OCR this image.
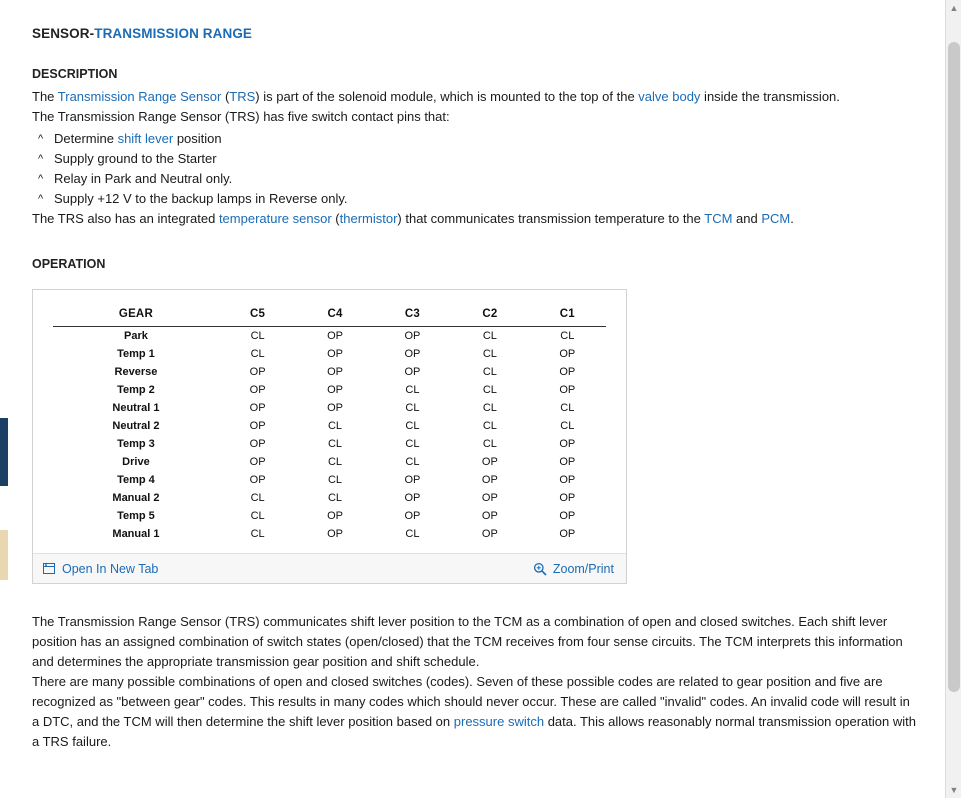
SENSOR-TRANSMISSION RANGE
DESCRIPTION

The Transmission Range Sensor (TRS) is part of the solenoid module, which is mounted to the top of the valve body inside the transmission.

The Transmission Range Sensor (TRS) has five switch contact pins that:

^ Determine shift lever position
^ Supply ground to the Starter
^ Relay in Park and Neutral only.
^ Supply +12 V to the backup lamps in Reverse only.

The TRS also has an integrated temperature sensor (thermistor) that communicates transmission temperature to the TCM and PCM.

OPERATION
GEAR	C5	C4	C3	C2	C1
Park	CL	OP	OP	CL	CL
Temp 1	CL	OP	OP	CL	OP
Reverse	OP	OP	OP	CL	OP
Temp 2	OP	OP	CL	CL	OP
Neutral 1	OP	OP	CL	CL	CL
Neutral 2	OP	CL	CL	CL	CL
Temp 3	OP	CL	CL	CL	OP
Drive	OP	CL	CL	OP	OP
Temp 4	OP	CL	OP	OP	OP
Manual 2	CL	CL	OP	OP	OP
Temp 5	CL	OP	OP	OP	OP
Manual 1	CL	OP	CL	OP	OP
Open In New Tab	Zoom/Print

The Transmission Range Sensor (TRS) communicates shift lever position to the TCM as a combination of open and closed switches. Each shift lever position has an assigned combination of switch states (open/closed) that the TCM receives from four sense circuits. The TCM interprets this information and determines the appropriate transmission gear position and shift schedule.

There are many possible combinations of open and closed switches (codes). Seven of these possible codes are related to gear position and five are recognized as "between gear" codes. This results in many codes which should never occur. These are called "invalid" codes. An invalid code will result in a DTC, and the TCM will then determine the shift lever position based on pressure switch data. This allows reasonably normal transmission operation with a TRS failure.

▲
▼
